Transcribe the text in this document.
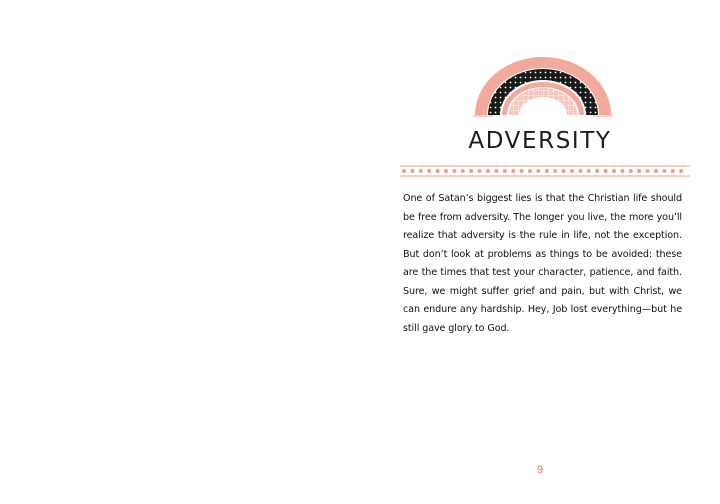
ADVERSITY
One of Satan’s biggest lies is that the Christian life should be free from adversity. The longer you live, the more you’ll realize that adversity is the rule in life, not the exception. But don’t look at problems as things to be avoided: these are the times that test your character, patience, and faith. Sure, we might suffer grief and pain, but with Christ, we can endure any hardship. Hey, Job lost everything—but he still gave glory to God.
9
